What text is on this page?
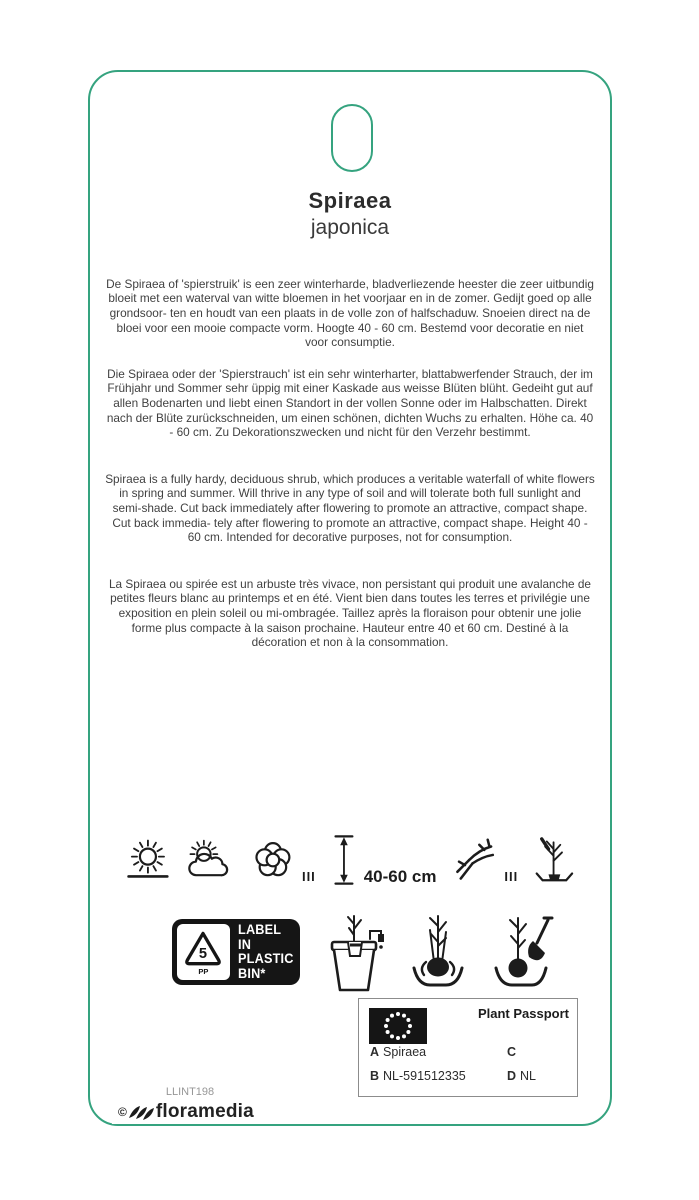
Spiraea
japonica

De Spiraea of 'spierstruik' is een zeer winterharde, bladverliezende heester die zeer uitbundig bloeit met een waterval van witte bloemen in het voorjaar en in de zomer. Gedijt goed op alle grondsoor- ten en houdt van een plaats in de volle zon of halfschaduw. Snoeien direct na de bloei voor een mooie compacte vorm. Hoogte 40 - 60 cm. Bestemd voor decoratie en niet voor consumptie.

Die Spiraea oder der 'Spierstrauch' ist ein sehr winterharter, blattabwerfender Strauch, der im Frühjahr und Sommer sehr üppig mit einer Kaskade aus weisse Blüten blüht. Gedeiht gut auf allen Bodenarten und liebt einen Standort in der vollen Sonne oder im Halbschatten. Direkt nach der Blüte zurückschneiden, um einen schönen, dichten Wuchs zu erhalten. Höhe ca. 40 - 60 cm. Zu Dekorationszwecken und nicht für den Verzehr bestimmt.

Spiraea is a fully hardy, deciduous shrub, which produces a veritable waterfall of white flowers in spring and summer. Will thrive in any type of soil and will tolerate both full sunlight and semi-shade. Cut back immediately after flowering to promote an attractive, compact shape. Cut back immedia- tely after flowering to promote an attractive, compact shape. Height 40 - 60 cm. Intended for decorative purposes, not for consumption.

La Spiraea ou spirée est un arbuste très vivace, non persistant qui produit une avalanche de petites fleurs blanc au printemps et en été. Vient bien dans toutes les terres et privilégie une exposition en plein soleil ou mi-ombragée. Taillez après la floraison pour obtenir une jolie forme plus compacte à la saison prochaine. Hauteur entre 40 et 60 cm. Destiné à la décoration et non à la consommation.

III	40-60 cm	III
5
PP
LABEL IN
PLASTIC
BIN*
Plant Passport
A Spiraea
B NL-591512335
C
D NL
LLINT198
© floramedia
